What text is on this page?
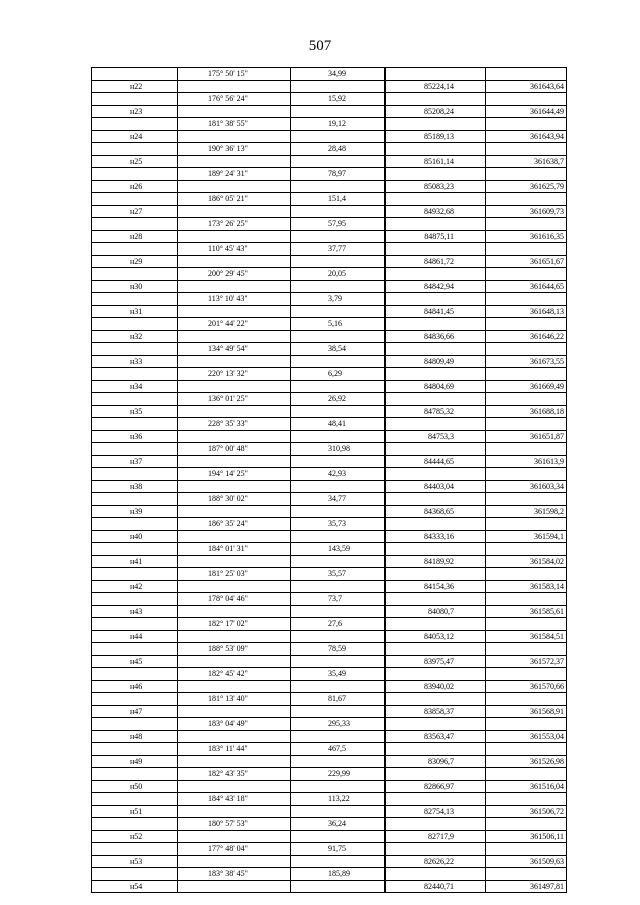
507
	175° 50' 15"	34,99		
н22			85224,14	361643,64
	176° 56' 24"	15,92		
н23			85208,24	361644,49
	181° 38' 55"	19,12		
н24			85189,13	361643,94
	190° 36' 13"	28,48		
н25			85161,14	361638,7
	189° 24' 31"	78,97		
н26			85083,23	361625,79
	186° 05' 21"	151,4		
н27			84932,68	361609,73
	173° 26' 25"	57,95		
н28			84875,11	361616,35
	110° 45' 43"	37,77		
н29			84861,72	361651,67
	200° 29' 45"	20,05		
н30			84842,94	361644,65
	113° 10' 43"	3,79		
н31			84841,45	361648,13
	201° 44' 22"	5,16		
н32			84836,66	361646,22
	134° 49' 54"	38,54		
н33			84809,49	361673,55
	220° 13' 32"	6,29		
н34			84804,69	361669,49
	136° 01' 25"	26,92		
н35			84785,32	361688,18
	228° 35' 33"	48,41		
н36			84753,3	361651,87
	187° 00' 48"	310,98		
н37			84444,65	361613,9
	194° 14' 25"	42,93		
н38			84403,04	361603,34
	188° 30' 02"	34,77		
н39			84368,65	361598,2
	186° 35' 24"	35,73		
н40			84333,16	361594,1
	184° 01' 31"	143,59		
н41			84189,92	361584,02
	181° 25' 03"	35,57		
н42			84154,36	361583,14
	178° 04' 46"	73,7		
н43			84080,7	361585,61
	182° 17' 02"	27,6		
н44			84053,12	361584,51
	188° 53' 09"	78,59		
н45			83975,47	361572,37
	182° 45' 42"	35,49		
н46			83940,02	361570,66
	181° 13' 40"	81,67		
н47			83858,37	361568,91
	183° 04' 49"	295,33		
н48			83563,47	361553,04
	183° 11' 44"	467,5		
н49			83096,7	361526,98
	182° 43' 35"	229,99		
н50			82866,97	361516,04
	184° 43' 18"	113,22		
н51			82754,13	361506,72
	180° 57' 53"	36,24		
н52			82717,9	361506,11
	177° 48' 04"	91,75		
н53			82626,22	361509,63
	183° 38' 45"	185,89		
н54			82440,71	361497,81
